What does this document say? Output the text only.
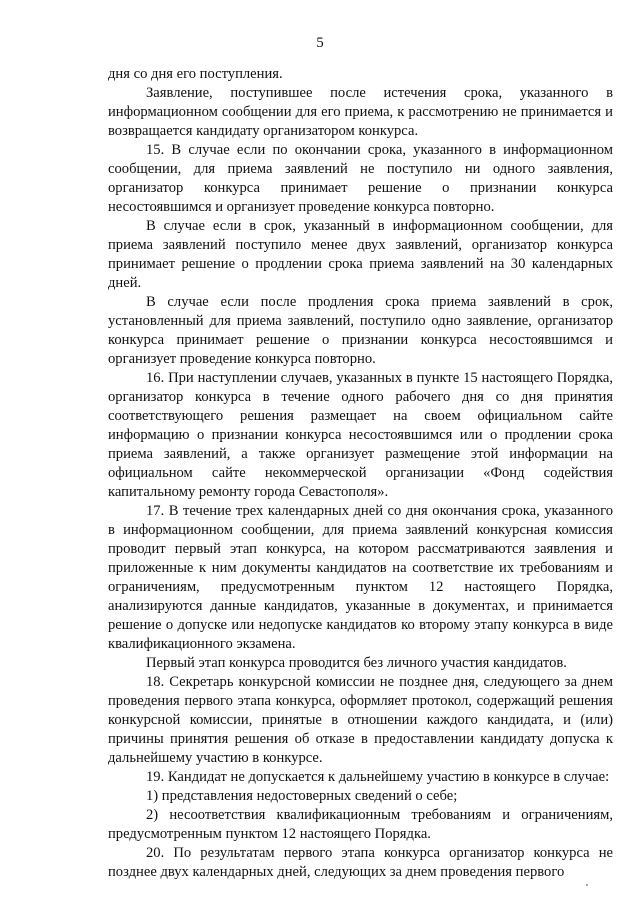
5

дня со дня его поступления.

Заявление, поступившее после истечения срока, указанного в информационном сообщении для его приема, к рассмотрению не принимается и возвращается кандидату организатором конкурса.

15. В случае если по окончании срока, указанного в информационном сообщении, для приема заявлений не поступило ни одного заявления, организатор конкурса принимает решение о признании конкурса несостоявшимся и организует проведение конкурса повторно.

В случае если в срок, указанный в информационном сообщении, для приема заявлений поступило менее двух заявлений, организатор конкурса принимает решение о продлении срока приема заявлений на 30 календарных дней.

В случае если после продления срока приема заявлений в срок, установленный для приема заявлений, поступило одно заявление, организатор конкурса принимает решение о признании конкурса несостоявшимся и организует проведение конкурса повторно.

16. При наступлении случаев, указанных в пункте 15 настоящего Порядка, организатор конкурса в течение одного рабочего дня со дня принятия соответствующего решения размещает на своем официальном сайте информацию о признании конкурса несостоявшимся или о продлении срока приема заявлений, а также организует размещение этой информации на официальном сайте некоммерческой организации «Фонд содействия капитальному ремонту города Севастополя».

17. В течение трех календарных дней со дня окончания срока, указанного в информационном сообщении, для приема заявлений конкурсная комиссия проводит первый этап конкурса, на котором рассматриваются заявления и приложенные к ним документы кандидатов на соответствие их требованиям и ограничениям, предусмотренным пунктом 12 настоящего Порядка, анализируются данные кандидатов, указанные в документах, и принимается решение о допуске или недопуске кандидатов ко второму этапу конкурса в виде квалификационного экзамена.

Первый этап конкурса проводится без личного участия кандидатов.

18. Секретарь конкурсной комиссии не позднее дня, следующего за днем проведения первого этапа конкурса, оформляет протокол, содержащий решения конкурсной комиссии, принятые в отношении каждого кандидата, и (или) причины принятия решения об отказе в предоставлении кандидату допуска к дальнейшему участию в конкурсе.

19. Кандидат не допускается к дальнейшему участию в конкурсе в случае:

1) представления недостоверных сведений о себе;

2) несоответствия квалификационным требованиям и ограничениям, предусмотренным пунктом 12 настоящего Порядка.

20. По результатам первого этапа конкурса организатор конкурса не позднее двух календарных дней, следующих за днем проведения первого
